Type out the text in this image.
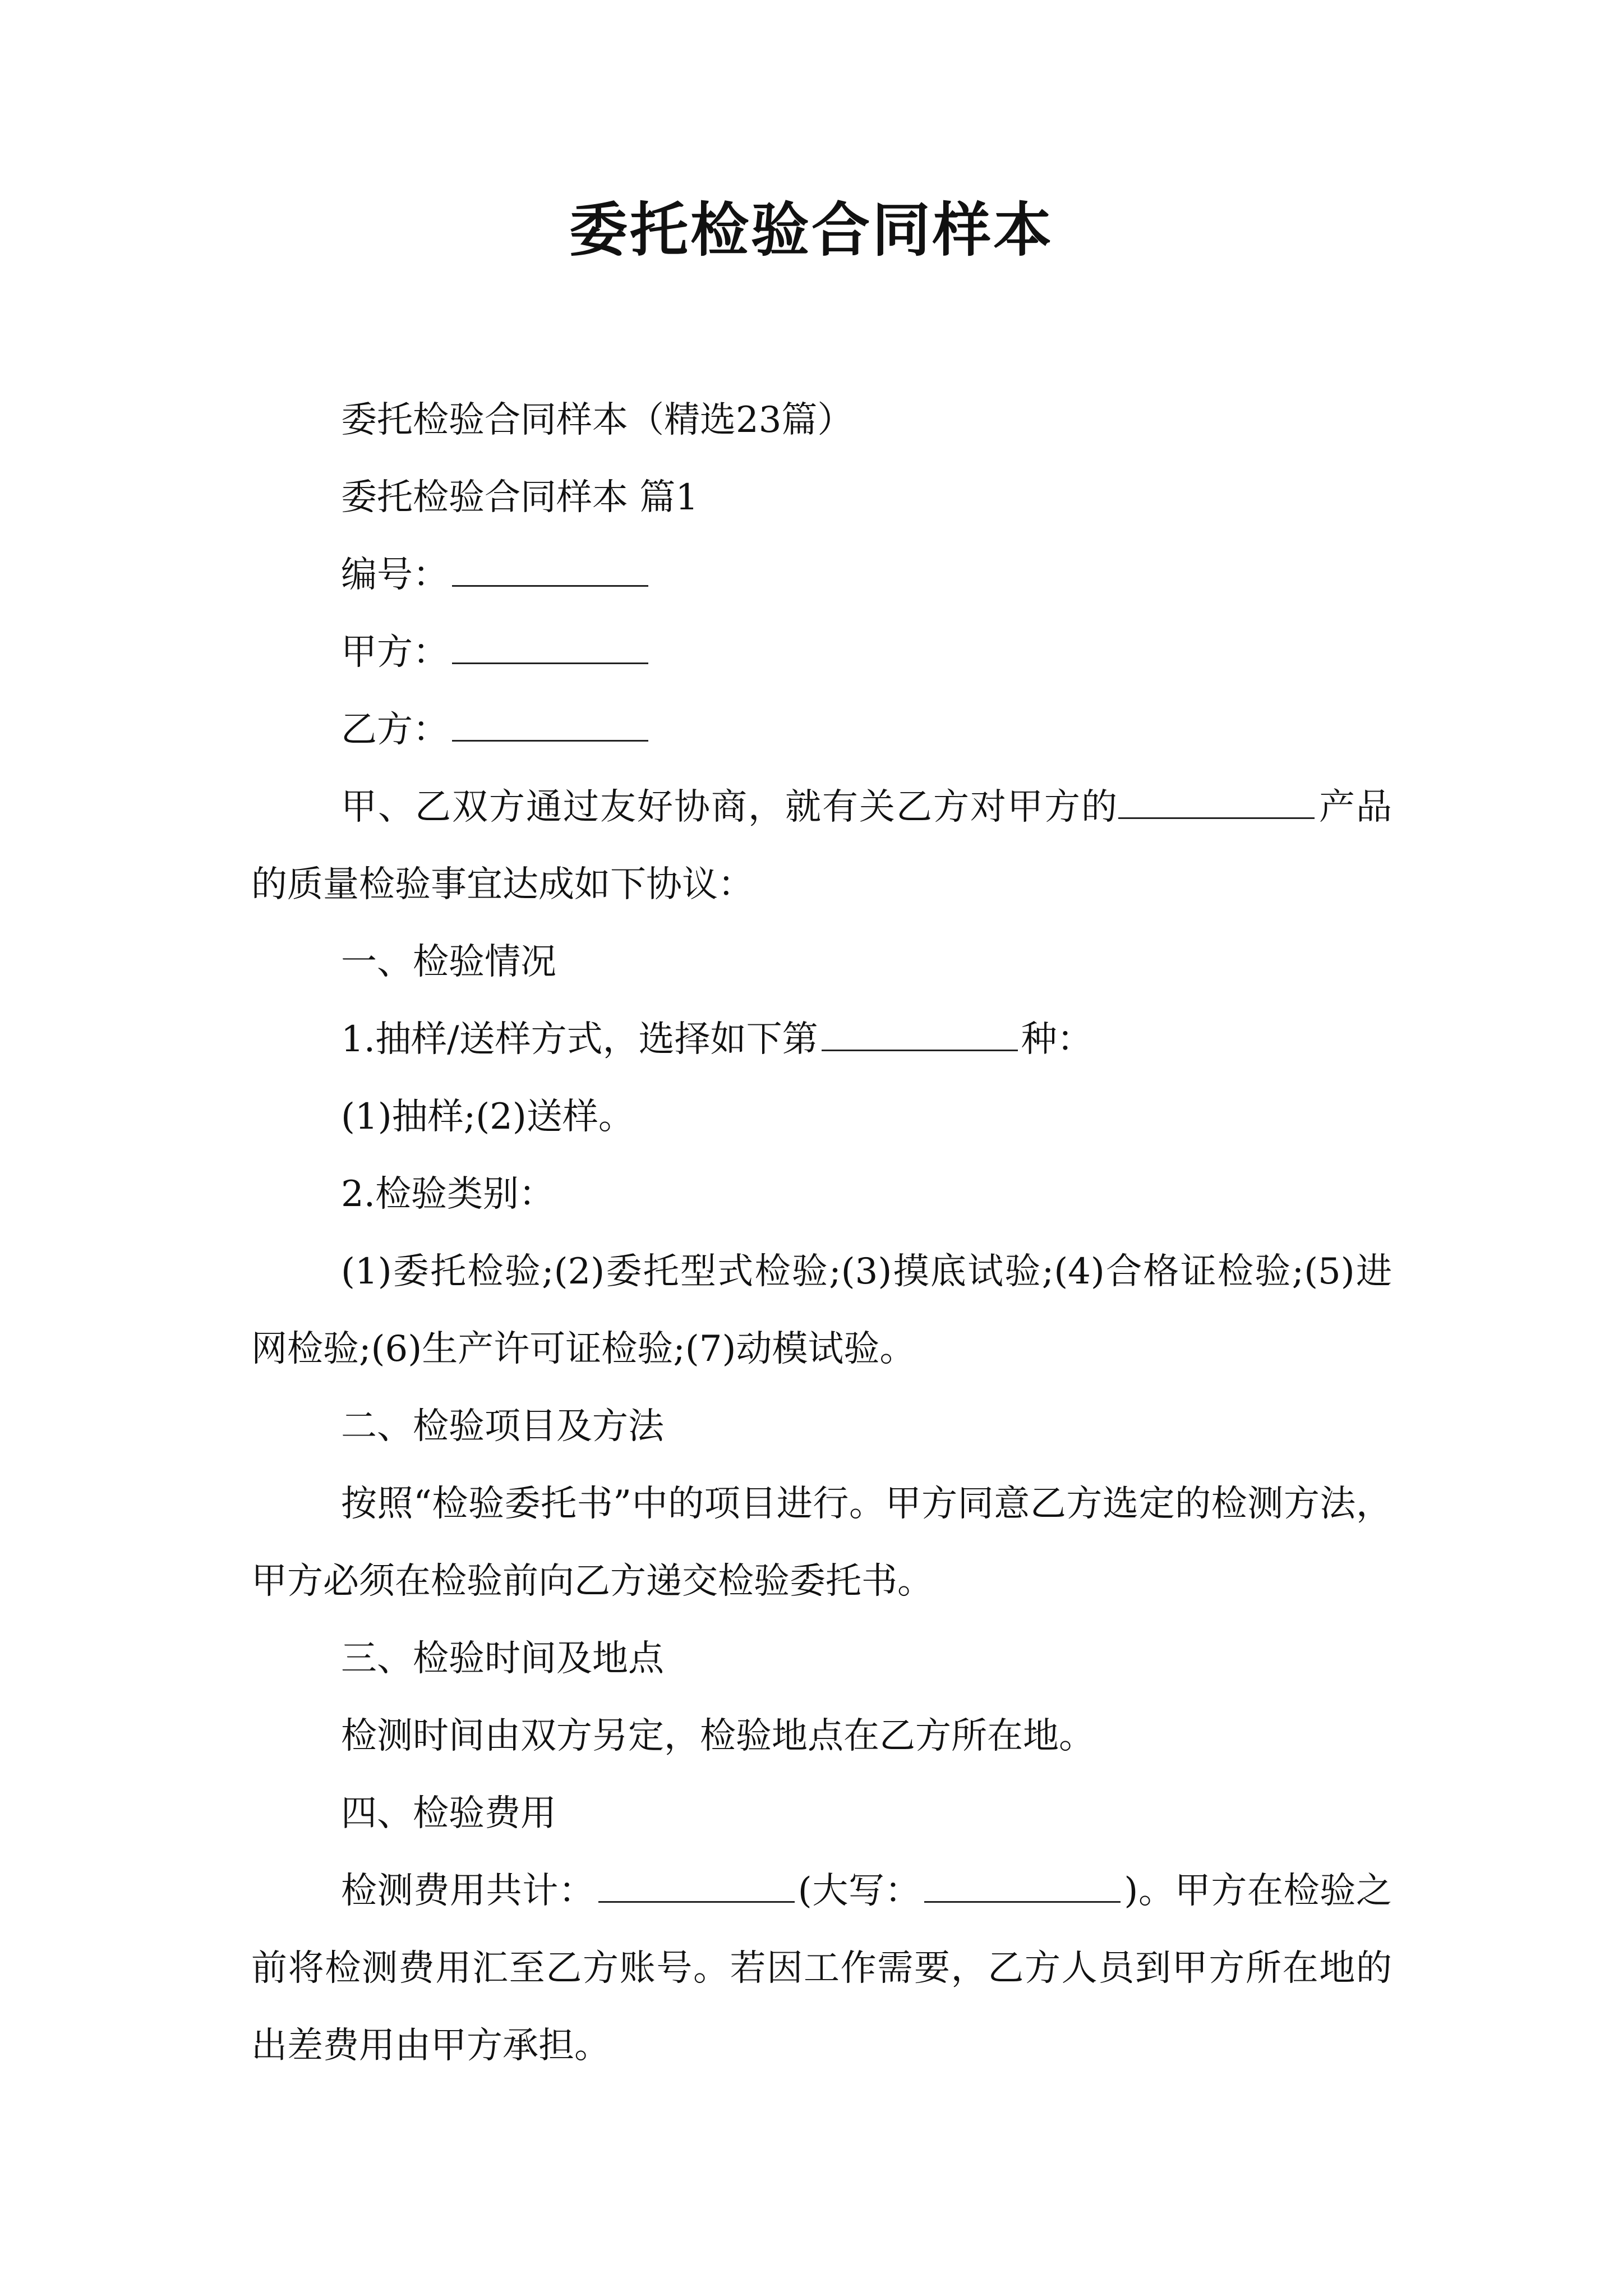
委托检验合同样本

委托检验合同样本（精选23篇）

委托检验合同样本 篇1

编号：

甲方：

乙方：

甲、乙双方通过友好协商，就有关乙方对甲方的	产品的质量检验事宜达成如下协议：

一、检验情况

1.抽样/送样方式，选择如下第	种：

(1)抽样;(2)送样。

2.检验类别：

(1)委托检验;(2)委托型式检验;(3)摸底试验;(4)合格证检验;(5)进网检验;(6)生产许可证检验;(7)动模试验。

二、检验项目及方法

按照“检验委托书”中的项目进行。甲方同意乙方选定的检测方法，甲方必须在检验前向乙方递交检验委托书。

三、检验时间及地点

检测时间由双方另定，检验地点在乙方所在地。

四、检验费用

检测费用共计：	(大写：	)。甲方在检验之前将检测费用汇至乙方账号。若因工作需要，乙方人员到甲方所在地的出差费用由甲方承担。
